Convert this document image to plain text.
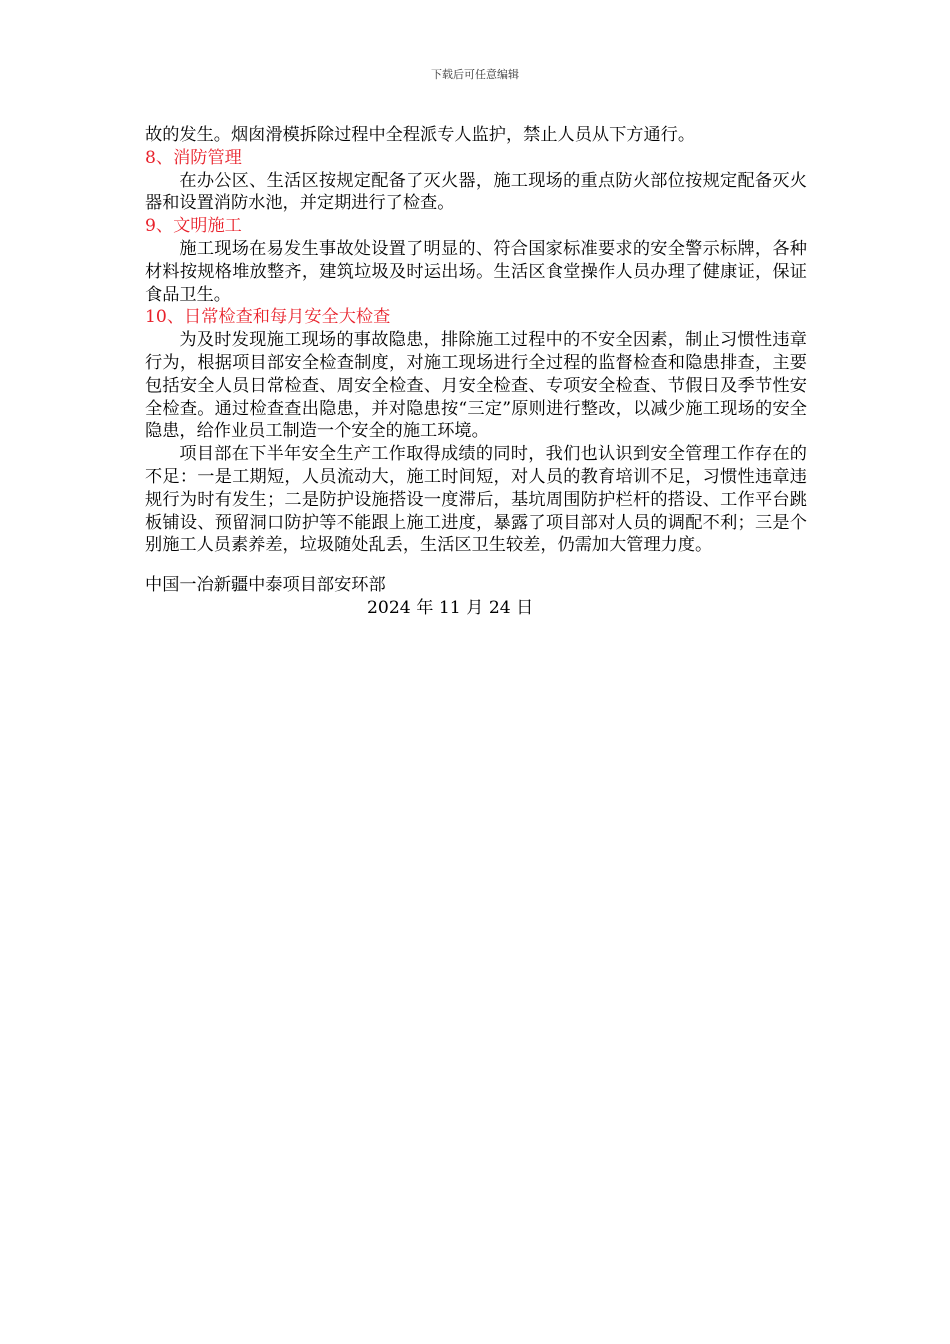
下载后可任意编辑

故的发生。烟囱滑模拆除过程中全程派专人监护，禁止人员从下方通行。

8、消防管理

在办公区、生活区按规定配备了灭火器，施工现场的重点防火部位按规定配备灭火器和设置消防水池，并定期进行了检查。

9、文明施工

施工现场在易发生事故处设置了明显的、符合国家标准要求的安全警示标牌，各种材料按规格堆放整齐，建筑垃圾及时运出场。生活区食堂操作人员办理了健康证，保证食品卫生。

10、日常检查和每月安全大检查

为及时发现施工现场的事故隐患，排除施工过程中的不安全因素，制止习惯性违章行为，根据项目部安全检查制度，对施工现场进行全过程的监督检查和隐患排查，主要包括安全人员日常检查、周安全检查、月安全检查、专项安全检查、节假日及季节性安全检查。通过检查查出隐患，并对隐患按“三定”原则进行整改，以减少施工现场的安全隐患，给作业员工制造一个安全的施工环境。

项目部在下半年安全生产工作取得成绩的同时，我们也认识到安全管理工作存在的不足：一是工期短，人员流动大，施工时间短，对人员的教育培训不足，习惯性违章违规行为时有发生；二是防护设施搭设一度滞后，基坑周围防护栏杆的搭设、工作平台跳板铺设、预留洞口防护等不能跟上施工进度，暴露了项目部对人员的调配不利；三是个别施工人员素养差，垃圾随处乱丢，生活区卫生较差，仍需加大管理力度。

中国一冶新疆中泰项目部安环部

2024 年 11 月 24 日
